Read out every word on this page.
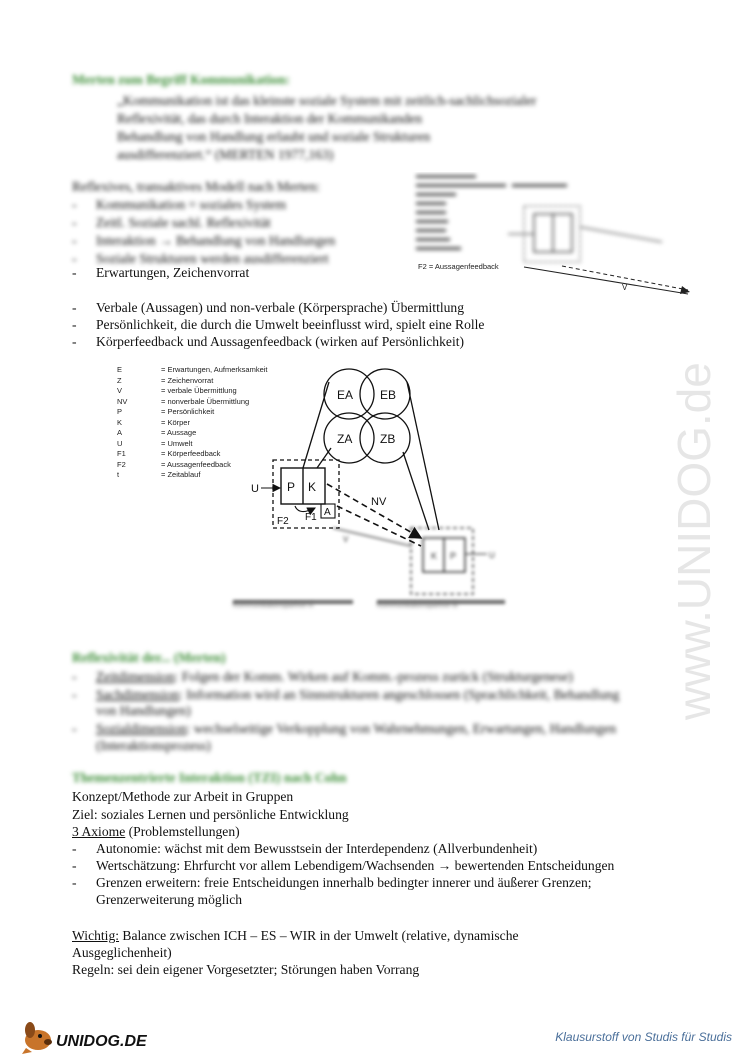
Merten zum Begriff Kommunikation:
„Kommunikation ist das kleinste soziale System mit zeitlich-sachlichsozialer
Reflexivität, das durch Interaktion der Kommunikanden
Behandlung von Handlung erlaubt und soziale Strukturen
ausdifferenziert.“ (MERTEN 1977,163)
Reflexives, transaktives Modell nach Merten:
- Kommunikation = soziales System
- Zeitl. Soziale sachl. Reflexivität
- Interaktion → Behandlung von Handlungen
- Soziale Strukturen werden ausdifferenziert
- Erwartungen, Zeichenvorrat
- Verbale (Aussagen) und non-verbale (Körpersprache) Übermittlung
- Persönlichkeit, die durch die Umwelt beeinflusst wird, spielt eine Rolle
- Körperfeedback und Aussagenfeedback (wirken auf Persönlichkeit)
F2 = Aussagenfeedback
V
E	= Erwartungen, Aufmerksamkeit
Z	= Zeichenvorrat
V	= verbale Übermittlung
NV	= nonverbale Übermittlung
P	= Persönlichkeit
K	= Körper
A	= Aussage
U	= Umwelt
F1	= Körperfeedback
F2	= Aussagenfeedback
t	= Zeitablauf
EA EB
ZA ZB
P K
A
F1
F2
U
NV
K P	U
V
Kommunikationspartner A	Kommunikationspartner B
Reflexivität der... (Merten)
- Zeitdimension: Folgen der Komm. Wirken auf Komm.-prozess zurück (Strukturgenese)
- Sachdimension: Information wird an Sinnstrukturen angeschlossen (Sprachlichkeit, Behandlung
von Handlungen)
- Sozialdimension: wechselseitige Verkopplung von Wahrnehmungen, Erwartungen, Handlungen
(Interaktionsprozess)
Themenzentrierte Interaktion (TZI) nach Cohn
Konzept/Methode zur Arbeit in Gruppen
Ziel: soziales Lernen und persönliche Entwicklung
3 Axiome (Problemstellungen)
- Autonomie: wächst mit dem Bewusstsein der Interdependenz (Allverbundenheit)
- Wertschätzung: Ehrfurcht vor allem Lebendigem/Wachsenden → bewertenden Entscheidungen
- Grenzen erweitern: freie Entscheidungen innerhalb bedingter innerer und äußerer Grenzen;
Grenzerweiterung möglich
Wichtig: Balance zwischen ICH – ES – WIR in der Umwelt (relative, dynamische
Ausgeglichenheit)
Regeln: sei dein eigener Vorgesetzter; Störungen haben Vorrang
www.UNIDOG.de
UNIDOG.DE	Klausurstoff von Studis für Studis
